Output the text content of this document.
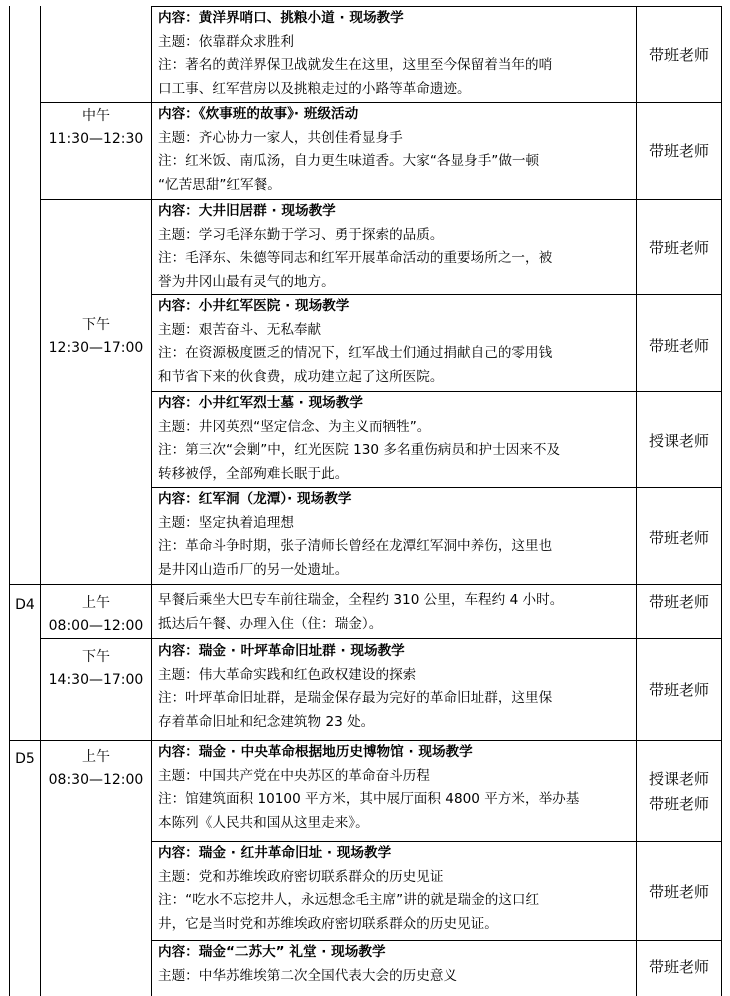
D4
D5
中午
11:30—12:30
下午
12:30—17:00
上午
08:00—12:00
下午
14:30—17:00
上午
08:30—12:00
内容：黄洋界哨口、挑粮小道 · 现场教学
主题：依靠群众求胜利
注：著名的黄洋界保卫战就发生在这里，这里至今保留着当年的哨
口工事、红军营房以及挑粮走过的小路等革命遗迹。
内容：《炊事班的故事》· 班级活动
主题：齐心协力一家人，共创佳肴显身手
注：红米饭、南瓜汤，自力更生味道香。大家“各显身手”做一顿
“忆苦思甜”红军餐。
内容：大井旧居群 · 现场教学
主题：学习毛泽东勤于学习、勇于探索的品质。
注：毛泽东、朱德等同志和红军开展革命活动的重要场所之一，被
誉为井冈山最有灵气的地方。
内容：小井红军医院 · 现场教学
主题：艰苦奋斗、无私奉献
注：在资源极度匮乏的情况下，红军战士们通过捐献自己的零用钱
和节省下来的伙食费，成功建立起了这所医院。
内容：小井红军烈士墓 · 现场教学
主题：井冈英烈“坚定信念、为主义而牺牲”。
注：第三次“会剿”中，红光医院 130 多名重伤病员和护士因来不及
转移被俘，全部殉难长眠于此。
内容：红军洞（龙潭）· 现场教学
主题：坚定执着追理想
注：革命斗争时期，张子清师长曾经在龙潭红军洞中养伤，这里也
是井冈山造币厂的另一处遗址。
早餐后乘坐大巴专车前往瑞金，全程约 310 公里，车程约 4 小时。
抵达后午餐、办理入住（住：瑞金）。
内容：瑞金 · 叶坪革命旧址群 · 现场教学
主题：伟大革命实践和红色政权建设的探索
注：叶坪革命旧址群，是瑞金保存最为完好的革命旧址群，这里保
存着革命旧址和纪念建筑物 23 处。
内容：瑞金 · 中央革命根据地历史博物馆 · 现场教学
主题：中国共产党在中央苏区的革命奋斗历程
注：馆建筑面积 10100 平方米，其中展厅面积 4800 平方米，举办基
本陈列《人民共和国从这里走来》。
内容：瑞金 · 红井革命旧址 · 现场教学
主题：党和苏维埃政府密切联系群众的历史见证
注：“吃水不忘挖井人，永远想念毛主席”讲的就是瑞金的这口红
井，它是当时党和苏维埃政府密切联系群众的历史见证。
内容：瑞金“二苏大” 礼堂 · 现场教学
主题：中华苏维埃第二次全国代表大会的历史意义
带班老师
带班老师
带班老师
带班老师
授课老师
带班老师
带班老师
带班老师
授课老师
带班老师
带班老师
带班老师
